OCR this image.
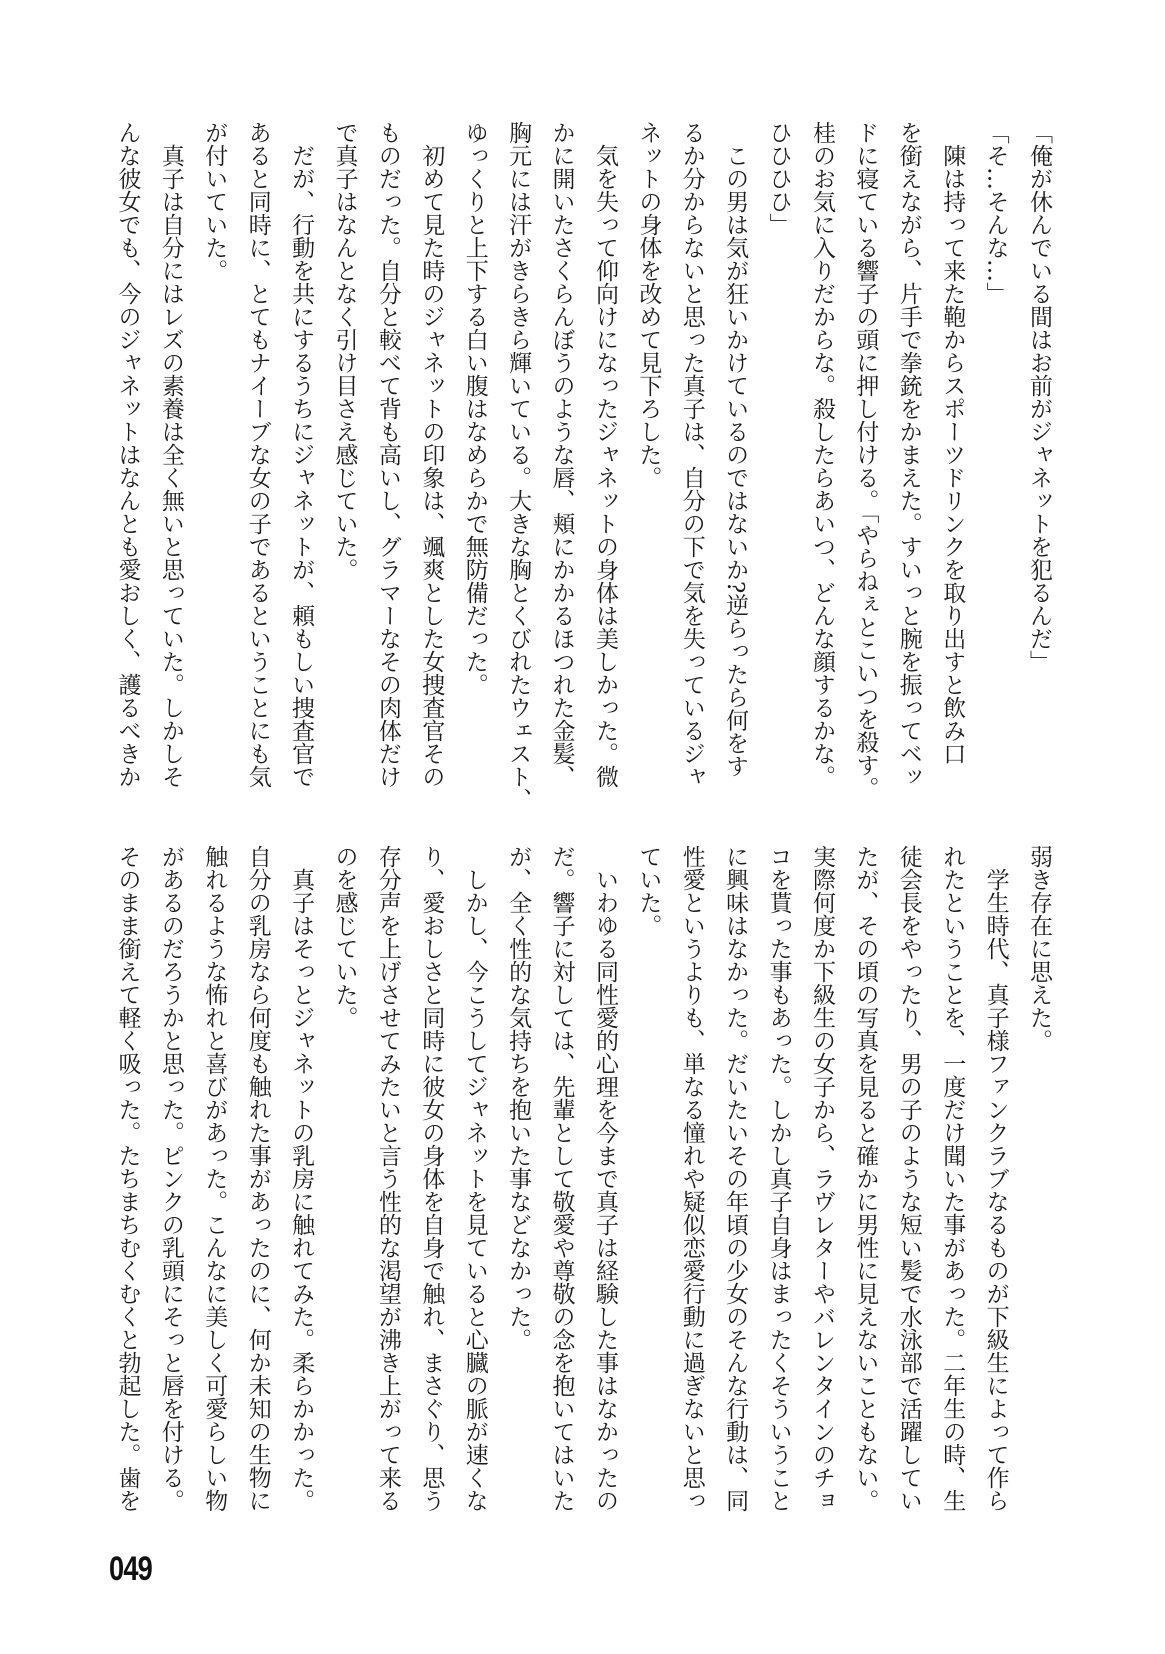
「俺が休んでいる間はお前がジャネットを犯るんだ」
「そ…そんな…」
　陳は持って来た鞄からスポーツドリンクを取り出すと飲み口
を銜えながら、片手で拳銃をかまえた。すいっと腕を振ってベッ
ドに寝ている響子の頭に押し付ける。「やらねぇとこいつを殺す。
桂のお気に入りだからな。殺したらあいつ、どんな顔するかな。
ひひひひ」
　この男は気が狂いかけているのではないか?逆らったら何をす
るか分からないと思った真子は、自分の下で気を失っているジャ
ネットの身体を改めて見下ろした。
　気を失って仰向けになったジャネットの身体は美しかった。微
かに開いたさくらんぼうのような唇、頬にかかるほつれた金髪、
胸元には汗がきらきら輝いている。大きな胸とくびれたウェスト、
ゆっくりと上下する白い腹はなめらかで無防備だった。
　初めて見た時のジャネットの印象は、颯爽とした女捜査官その
ものだった。自分と較べて背も高いし、グラマーなその肉体だけ
で真子はなんとなく引け目さえ感じていた。
　だが、行動を共にするうちにジャネットが、頼もしい捜査官で
あると同時に、とてもナイーブな女の子であるということにも気
が付いていた。
　真子は自分にはレズの素養は全く無いと思っていた。しかしそ
んな彼女でも、今のジャネットはなんとも愛おしく、護るべきか
弱き存在に思えた。
　学生時代、真子様ファンクラブなるものが下級生によって作ら
れたということを、一度だけ聞いた事があった。二年生の時、生
徒会長をやったり、男の子のような短い髪で水泳部で活躍してい
たが、その頃の写真を見ると確かに男性に見えないこともない。
実際何度か下級生の女子から、ラヴレターやバレンタインのチョ
コを貰った事もあった。しかし真子自身はまったくそういうこと
に興味はなかった。だいたいその年頃の少女のそんな行動は、同
性愛というよりも、単なる憧れや疑似恋愛行動に過ぎないと思っ
ていた。
　いわゆる同性愛的心理を今まで真子は経験した事はなかったの
だ。響子に対しては、先輩として敬愛や尊敬の念を抱いてはいた
が、全く性的な気持ちを抱いた事などなかった。
　しかし、今こうしてジャネットを見ていると心臓の脈が速くな
り、愛おしさと同時に彼女の身体を自身で触れ、まさぐり、思う
存分声を上げさせてみたいと言う性的な渇望が沸き上がって来る
のを感じていた。
　真子はそっとジャネットの乳房に触れてみた。柔らかかった。
自分の乳房なら何度も触れた事があったのに、何か未知の生物に
触れるような怖れと喜びがあった。こんなに美しく可愛らしい物
があるのだろうかと思った。ピンクの乳頭にそっと唇を付ける。
そのまま銜えて軽く吸った。たちまちむくむくと勃起した。歯を
049
